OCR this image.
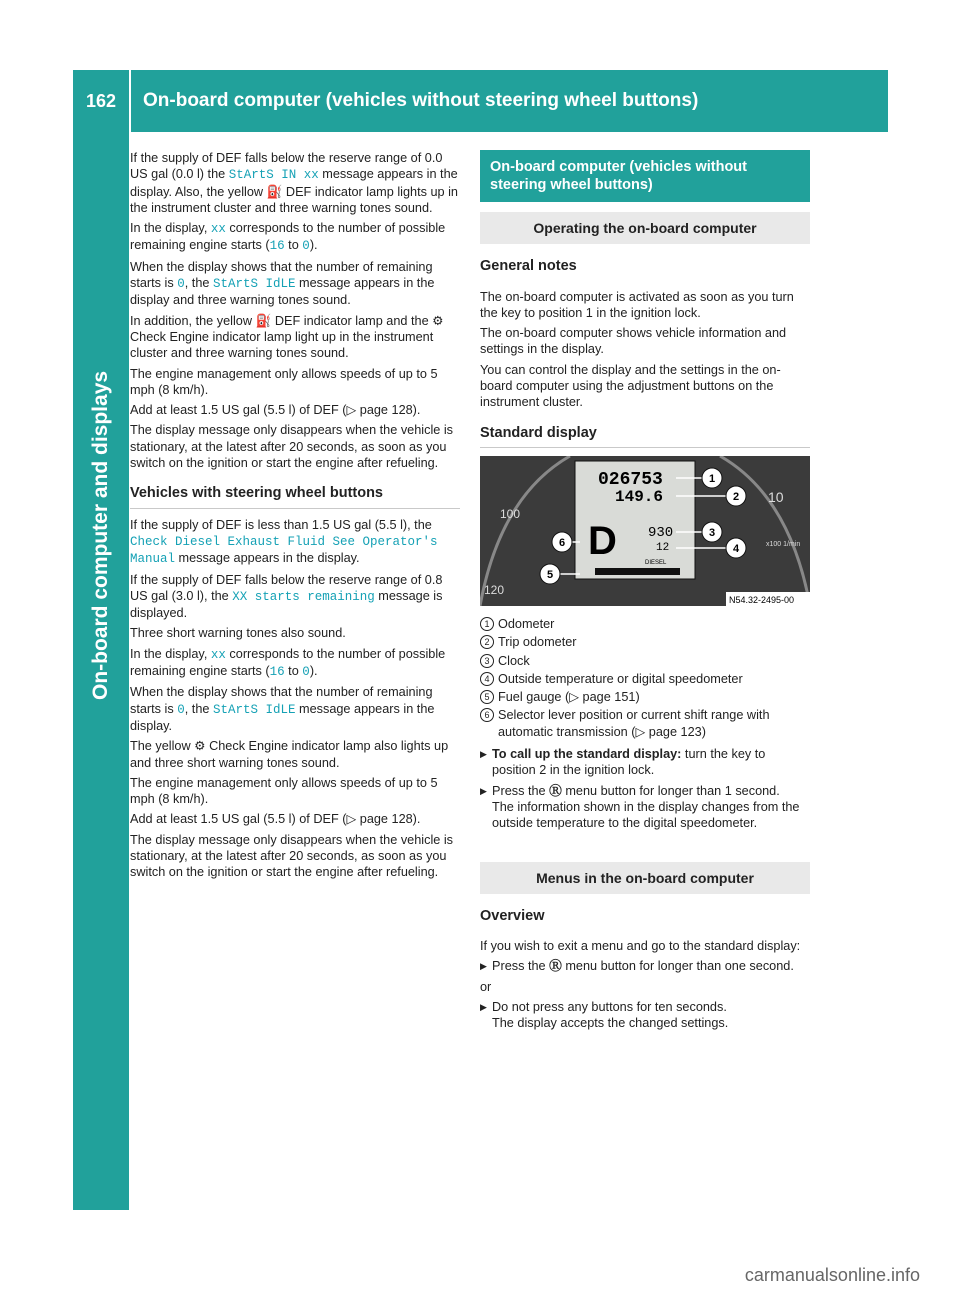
162	On-board computer (vehicles without steering wheel buttons)
On-board computer and displays

If the supply of DEF falls below the reserve range of 0.0 US gal (0.0 l) the StArtS IN xx message appears in the display. Also, the yellow ⛽ DEF indicator lamp lights up in the instrument cluster and three warning tones sound.

In the display, xx corresponds to the number of possible remaining engine starts (16 to 0).

When the display shows that the number of remaining starts is 0, the StArtS IdLE message appears in the display and three warning tones sound.

In addition, the yellow ⛽ DEF indicator lamp and the ⚙ Check Engine indicator lamp light up in the instrument cluster and three warning tones sound.

The engine management only allows speeds of up to 5 mph (8 km/h).

Add at least 1.5 US gal (5.5 l) of DEF (▷ page 128).

The display message only disappears when the vehicle is stationary, at the latest after 20 seconds, as soon as you switch on the ignition or start the engine after refueling.

Vehicles with steering wheel buttons

If the supply of DEF is less than 1.5 US gal (5.5 l), the Check Diesel Exhaust Fluid See Operator's Manual message appears in the display.

If the supply of DEF falls below the reserve range of 0.8 US gal (3.0 l), the XX starts remaining message is displayed.

Three short warning tones also sound.

In the display, xx corresponds to the number of possible remaining engine starts (16 to 0).

When the display shows that the number of remaining starts is 0, the StArtS IdLE message appears in the display.

The yellow ⚙ Check Engine indicator lamp also lights up and three short warning tones sound.

The engine management only allows speeds of up to 5 mph (8 km/h).

Add at least 1.5 US gal (5.5 l) of DEF (▷ page 128).

The display message only disappears when the vehicle is stationary, at the latest after 20 seconds, as soon as you switch on the ignition or start the engine after refueling.

On-board computer (vehicles without steering wheel buttons)
Operating the on-board computer
General notes

The on-board computer is activated as soon as you turn the key to position 1 in the ignition lock.

The on-board computer shows vehicle information and settings in the display.

You can control the display and the settings in the on-board computer using the adjustment buttons on the instrument cluster.

Standard display
100
120
10
x100 1/min
026753
149.6
D 930
12
DIESEL
1
2
3
4
5
6
N54.32-2495-00
1 Odometer
2 Trip odometer
3 Clock
4 Outside temperature or digital speedometer
5 Fuel gauge (▷ page 151)
6 Selector lever position or current shift range with automatic transmission (▷ page 123)

▶ To call up the standard display: turn the key to position 2 in the ignition lock.

▶ Press the Ⓡ menu button for longer than 1 second.
The information shown in the display changes from the outside temperature to the digital speedometer.

Menus in the on-board computer
Overview

If you wish to exit a menu and go to the standard display:

▶ Press the Ⓡ menu button for longer than one second.

or

▶ Do not press any buttons for ten seconds.
The display accepts the changed settings.

carmanualsonline.info
